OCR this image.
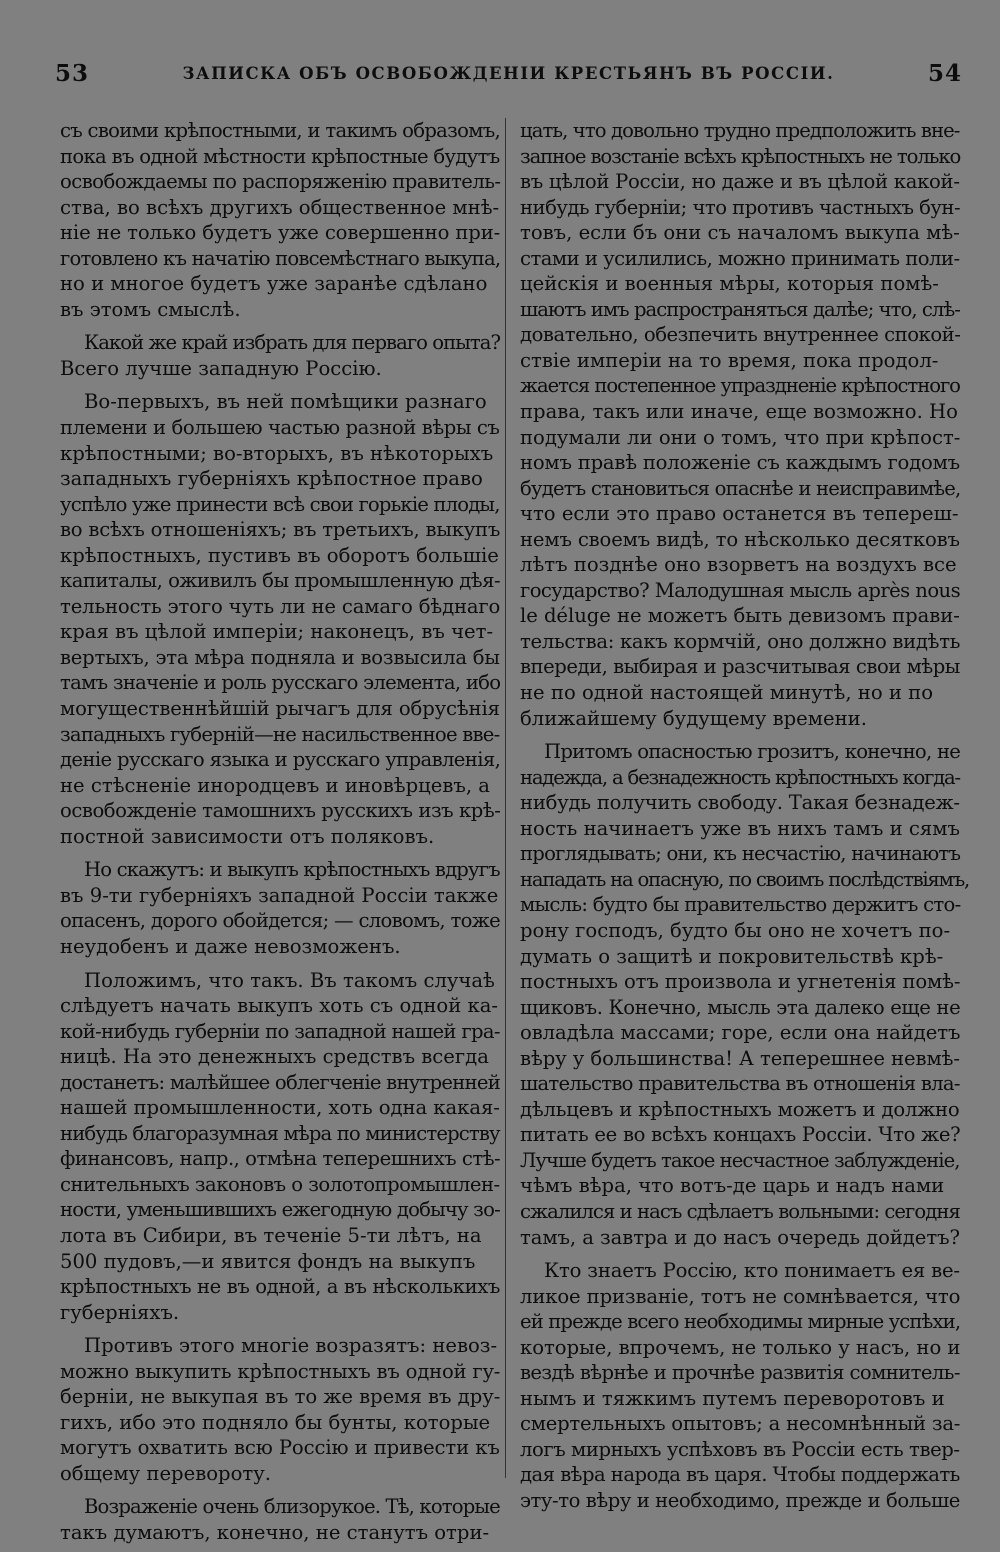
53	ЗАПИСКА ОБЪ ОСВОБОЖДЕНІИ КРЕСТЬЯНЪ ВЪ РОССІИ.	54
съ своими крѣпостными, и такимъ образомъ,
пока въ одной мѣстности крѣпостные будутъ
освобождаемы по распоряженію правитель-
ства, во всѣхъ другихъ общественное мнѣ-
ніе не только будетъ уже совершенно при-
готовлено къ начатію повсемѣстнаго выкупа,
но и многое будетъ уже заранѣе сдѣлано
въ этомъ смыслѣ.
Какой же край избрать для перваго опыта?
Всего лучше западную Россію.
Во-первыхъ, въ ней помѣщики разнаго
племени и большею частью разной вѣры съ
крѣпостными; во-вторыхъ, въ нѣкоторыхъ
западныхъ губерніяхъ крѣпостное право
успѣло уже принести всѣ свои горькіе плоды,
во всѣхъ отношеніяхъ; въ третьихъ, выкупъ
крѣпостныхъ, пустивъ въ оборотъ большіе
капиталы, оживилъ бы промышленную дѣя-
тельность этого чуть ли не самаго бѣднаго
края въ цѣлой имперіи; наконецъ, въ чет-
вертыхъ, эта мѣра подняла и возвысила бы
тамъ значеніе и роль русскаго элемента, ибо
могущественнѣйшій рычагъ для обрусѣнія
западныхъ губерній—не насильственное вве-
деніе русскаго языка и русскаго управленія,
не стѣсненіе инородцевъ и иновѣрцевъ, а
освобожденіе тамошнихъ русскихъ изъ крѣ-
постной зависимости отъ поляковъ.
Но скажутъ: и выкупъ крѣпостныхъ вдругъ
въ 9-ти губерніяхъ западной Россіи также
опасенъ, дорого обойдется; — словомъ, тоже
неудобенъ и даже невозможенъ.
Положимъ, что такъ. Въ такомъ случаѣ
слѣдуетъ начать выкупъ хоть съ одной ка-
кой-нибудь губерніи по западной нашей гра-
ницѣ. На это денежныхъ средствъ всегда
достанетъ: малѣйшее облегченіе внутренней
нашей промышленности, хоть одна какая-
нибудь благоразумная мѣра по министерству
финансовъ, напр., отмѣна теперешнихъ стѣ-
снительныхъ законовъ о золотопромышлен-
ности, уменьшившихъ ежегодную добычу зо-
лота въ Сибири, въ теченіе 5-ти лѣтъ, на
500 пудовъ,—и явится фондъ на выкупъ
крѣпостныхъ не въ одной, а въ нѣсколькихъ
губерніяхъ.
Противъ этого многіе возразятъ: невоз-
можно выкупить крѣпостныхъ въ одной гу-
берніи, не выкупая въ то же время въ дру-
гихъ, ибо это подняло бы бунты, которые
могутъ охватить всю Россію и привести къ
общему перевороту.
Возраженіе очень близорукое. Тѣ, которые
такъ думаютъ, конечно, не станутъ отри-
цать, что довольно трудно предположить вне-
запное возстаніе всѣхъ крѣпостныхъ не только
въ цѣлой Россіи, но даже и въ цѣлой какой-
нибудь губерніи; что противъ частныхъ бун-
товъ, если бъ они съ началомъ выкупа мѣ-
стами и усилились, можно принимать поли-
цейскія и военныя мѣры, которыя помѣ-
шаютъ имъ распространяться далѣе; что, слѣ-
довательно, обезпечить внутреннее спокой-
ствіе имперіи на то время, пока продол-
жается постепенное упраздненіе крѣпостного
права, такъ или иначе, еще возможно. Но
подумали ли они о томъ, что при крѣпост-
номъ правѣ положеніе съ каждымъ годомъ
будетъ становиться опаснѣе и неисправимѣе,
что если это право останется въ теперeш-
немъ своемъ видѣ, то нѣсколько десятковъ
лѣтъ позднѣе оно взорветъ на воздухъ все
государство? Малодушная мысль après nous
le déluge не можетъ быть девизомъ прави-
тельства: какъ кормчій, оно должно видѣть
впереди, выбирая и разсчитывая свои мѣры
не по одной настоящей минутѣ, но и по
ближайшему будущему времени.
Притомъ опасностью грозитъ, конечно, не
надежда, а безнадежность крѣпостныхъ когда-
нибудь получить свободу. Такая безнадеж-
ность начинаетъ уже въ нихъ тамъ и сямъ
проглядывать; они, къ несчастію, начинаютъ
нападать на опасную, по своимъ послѣдствіямъ,
мысль: будто бы правительство держитъ сто-
рону господъ, будто бы оно не хочетъ по-
думать о защитѣ и покровительствѣ крѣ-
постныхъ отъ произвола и угнетенія помѣ-
щиковъ. Конечно, мысль эта далеко еще не
овладѣла массами; горе, если она найдетъ
вѣру у большинства! А теперешнее невмѣ-
шательство правительства въ отношенія вла-
дѣльцевъ и крѣпостныхъ можетъ и должно
питать ее во всѣхъ концахъ Россіи. Что же?
Лучше будетъ такое несчастное заблужденіе,
чѣмъ вѣра, что вотъ-де царь и надъ нами
сжалился и насъ сдѣлаетъ вольными: сегодня
тамъ, а завтра и до насъ очередь дойдетъ?
Кто знаетъ Россію, кто понимаетъ ея ве-
ликое призваніе, тотъ не сомнѣвается, что
ей прежде всего необходимы мирные успѣхи,
которые, впрочемъ, не только у насъ, но и
вездѣ вѣрнѣе и прочнѣе развитія сомнитель-
нымъ и тяжкимъ путемъ переворотовъ и
смертельныхъ опытовъ; а несомнѣнный за-
логъ мирныхъ успѣховъ въ Россіи есть твер-
дая вѣра народа въ царя. Чтобы поддержать
эту-то вѣру и необходимо, прежде и больше
